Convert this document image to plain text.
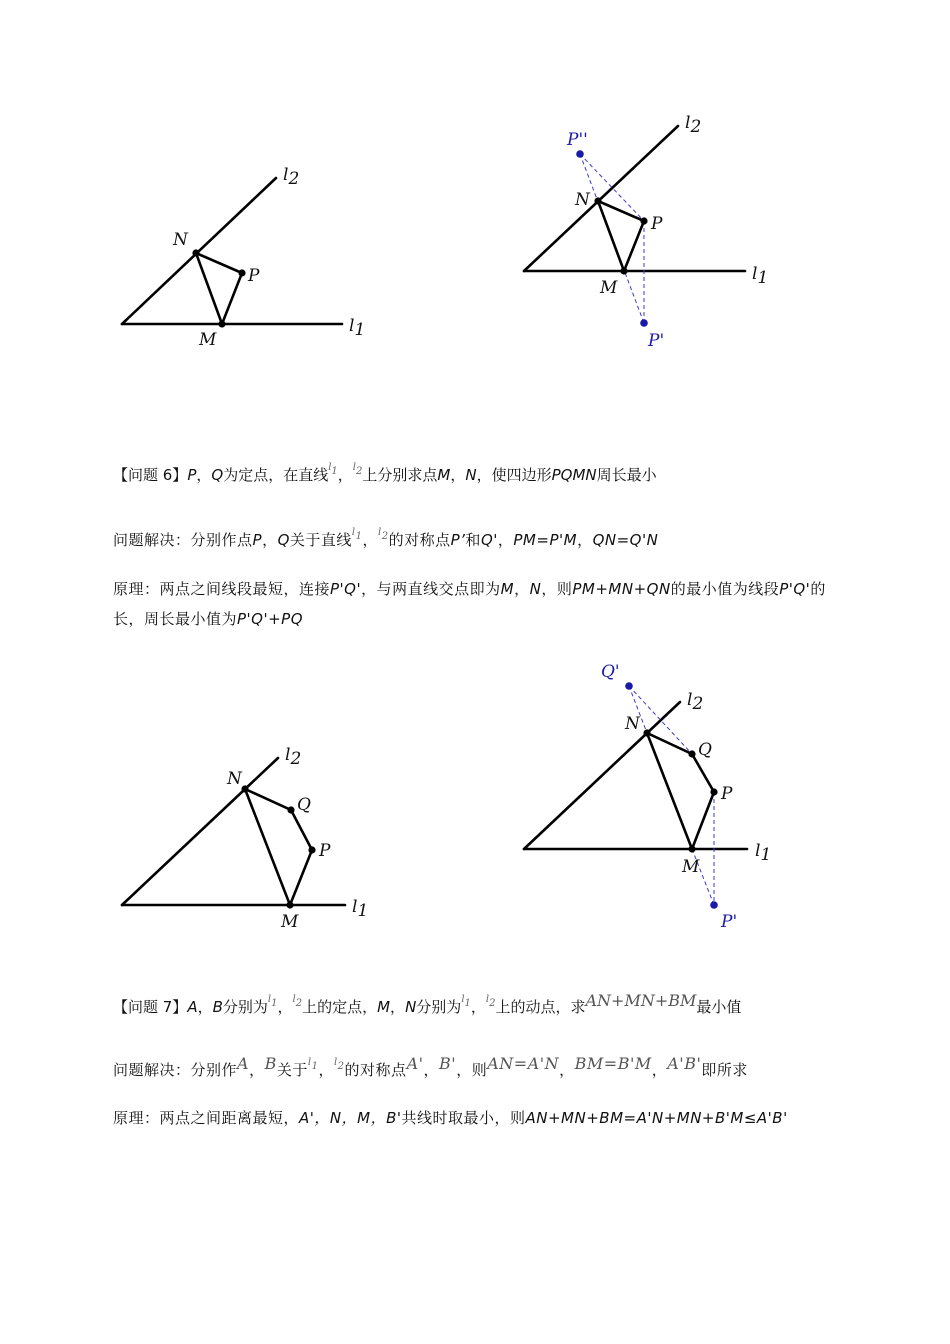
l2
N
P
l1
M
l2
P''
N
P
l1
M
P'
【问题 6】P，Q为定点，在直线$^{l1}$，$^{l2}$上分别求点M，N，使四边形PQMN周长最小
问题解决：分别作点P，Q关于直线$^{l1}$，$^{l2}$的对称点P’和Q'，PM=P'M，QN=Q'N
原理：两点之间线段最短，连接P'Q'，与两直线交点即为M，N，则PM+MN+QN的最小值为线段P'Q'的长，周长最小值为P'Q'+PQ
l2
N
Q
P
l1
M
Q'
l2
N
Q
P
l1
M
P'
【问题 7】A，B分别为$^{l1}$，$^{l2}$上的定点，M，N分别为$^{l1}$，$^{l2}$上的动点，求AN+MN+BM最小值
问题解决：分别作A，B关于$^{l1}$，$^{l2}$的对称点A'，B'，则AN=A'N，BM=B'M，A'B'即所求
原理：两点之间距离最短，A'，N，M，B'共线时取最小，则AN+MN+BM=A'N+MN+B'M≤A'B'
